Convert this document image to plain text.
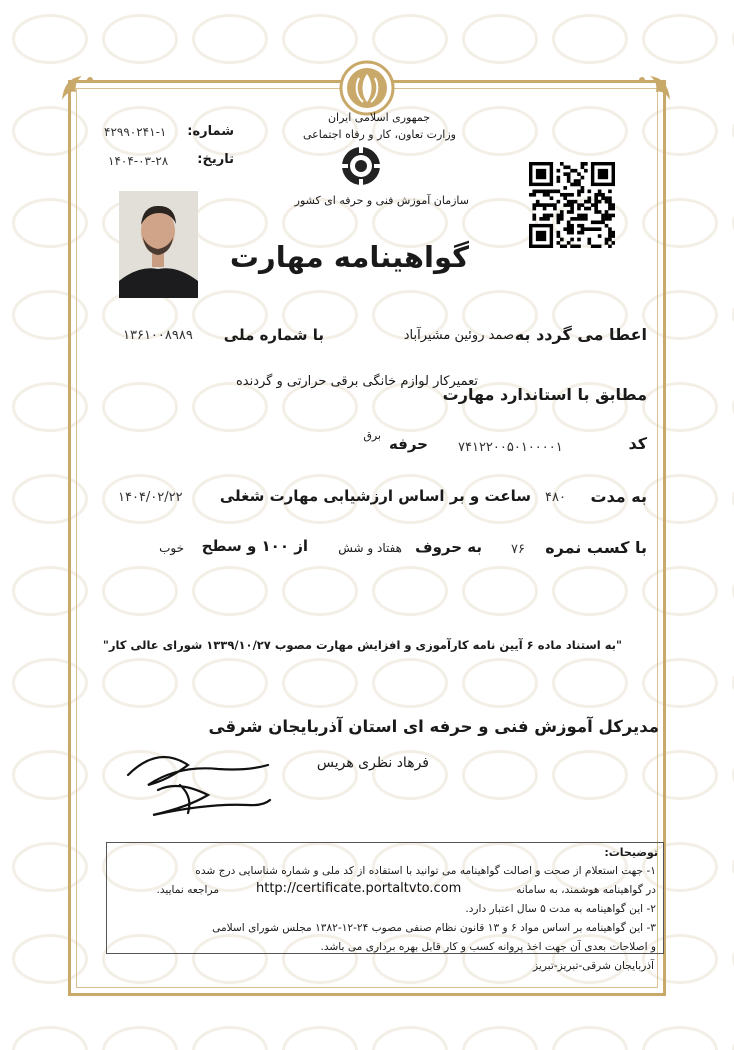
جمهوری اسلامی ایران
وزارت تعاون، کار و رفاه اجتماعی
سازمان آموزش فنی و حرفه ای کشور
شماره:
۴۲۹۹۰۲۴۱-۱
تاریخ:
۱۴۰۴-۰۳-۲۸
گواهینامه مهارت
اعطا می گردد به
صمد روئین مشیرآباد
با شماره ملی
۱۳۶۱۰۰۸۹۸۹
تعمیرکار لوازم خانگی برقی حرارتی و گردنده
مطابق با استاندارد مهارت
کد
۷۴۱۲۲۰۰۵۰۱۰۰۰۰۱
حرفه
برق
به مدت
۴۸۰
ساعت و بر اساس ارزشیابی مهارت شغلی
۱۴۰۴/۰۲/۲۲
با کسب نمره
۷۶
به حروف
هفتاد و شش
از ۱۰۰ و سطح
خوب
"به استناد ماده ۶ آیین نامه کارآموزی و افزایش مهارت مصوب ۱۳۳۹/۱۰/۲۷ شورای عالی کار"
مدیرکل آموزش فنی و حرفه ای استان آذربایجان شرقی
فرهاد نظری هریس
توضیحات:
۱- جهت استعلام از صحت و اصالت گواهینامه می توانید با استفاده از کد ملی و شماره شناسایی درج شده
در گواهینامه هوشمند، به سامانه
http://certificate.portaltvto.com
مراجعه نمایید.
۲- این گواهینامه به مدت ۵ سال اعتبار دارد.
۳- این گواهینامه بر اساس مواد ۶ و ۱۳ قانون نظام صنفی مصوب ۲۴-۱۲-۱۳۸۲ مجلس شورای اسلامی
و اصلاحات بعدی آن جهت اخذ پروانه کسب و کار قابل بهره برداری می باشد.
آذربایجان شرقی-تبریز-تبریز
